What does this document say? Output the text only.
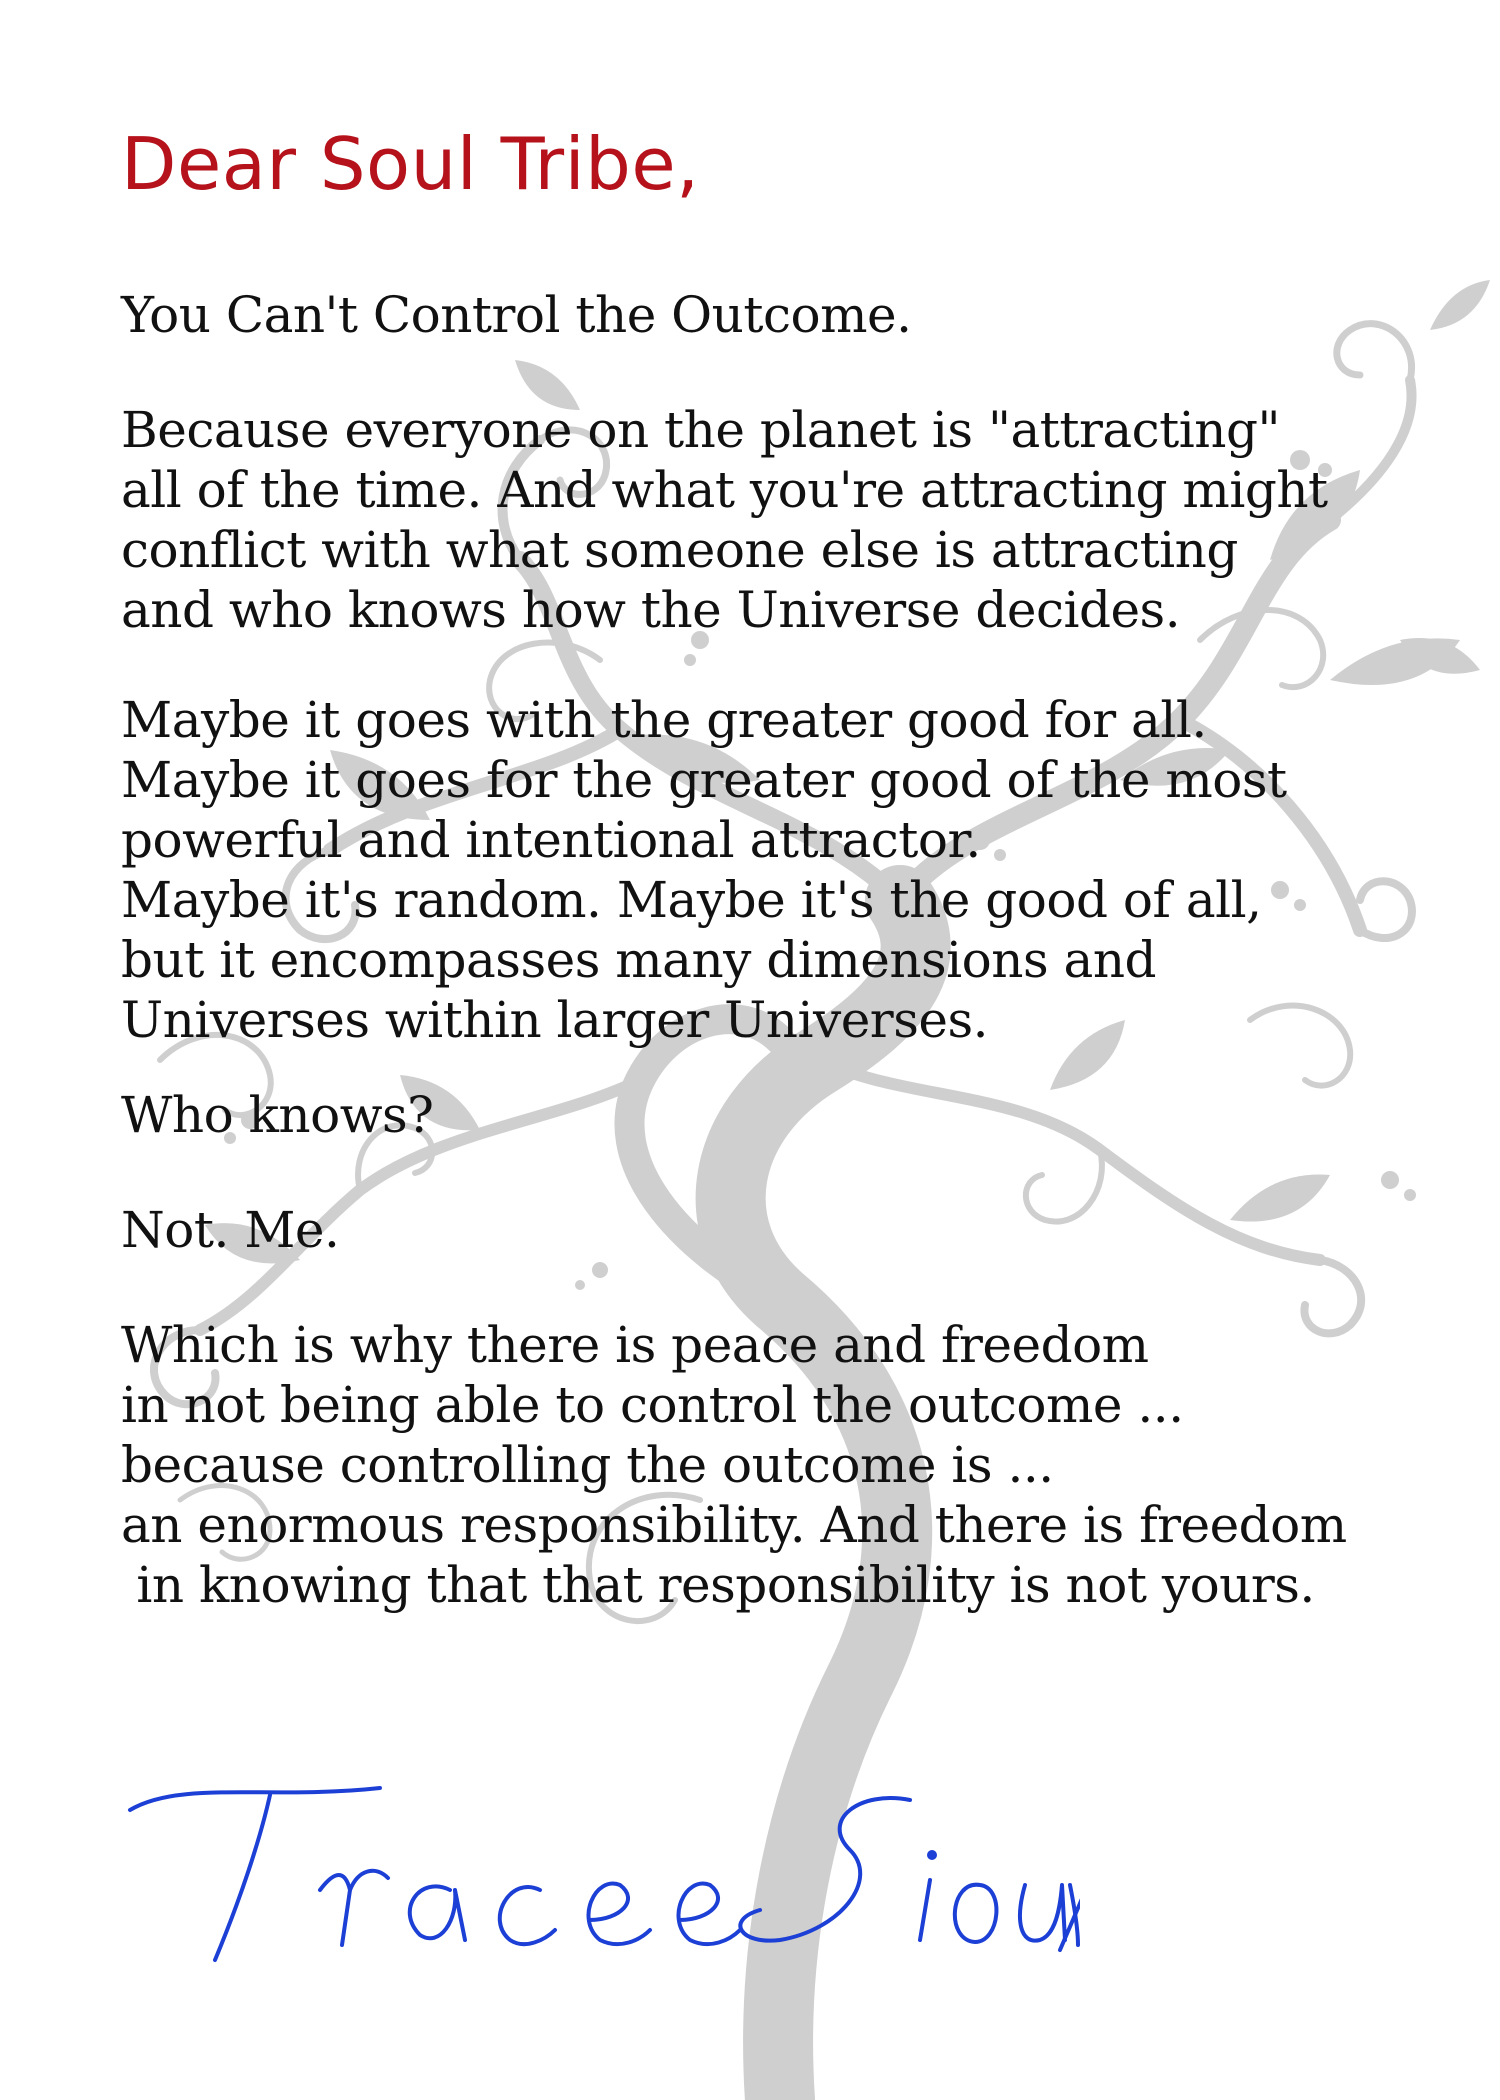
Dear Soul Tribe,
You Can't Control the Outcome.
Because everyone on the planet is "attracting"
all of the time. And what you're attracting might
conflict with what someone else is attracting
and who knows how the Universe decides.
Maybe it goes with the greater good for all.
Maybe it goes for the greater good of the most
powerful and intentional attractor.
Maybe it's random. Maybe it's the good of all,
but it encompasses many dimensions and
Universes within larger Universes.
Who knows?
Not. Me.
Which is why there is peace and freedom
in not being able to control the outcome ...
because controlling the outcome is ...
an enormous responsibility. And there is freedom
in knowing that that responsibility is not yours.
